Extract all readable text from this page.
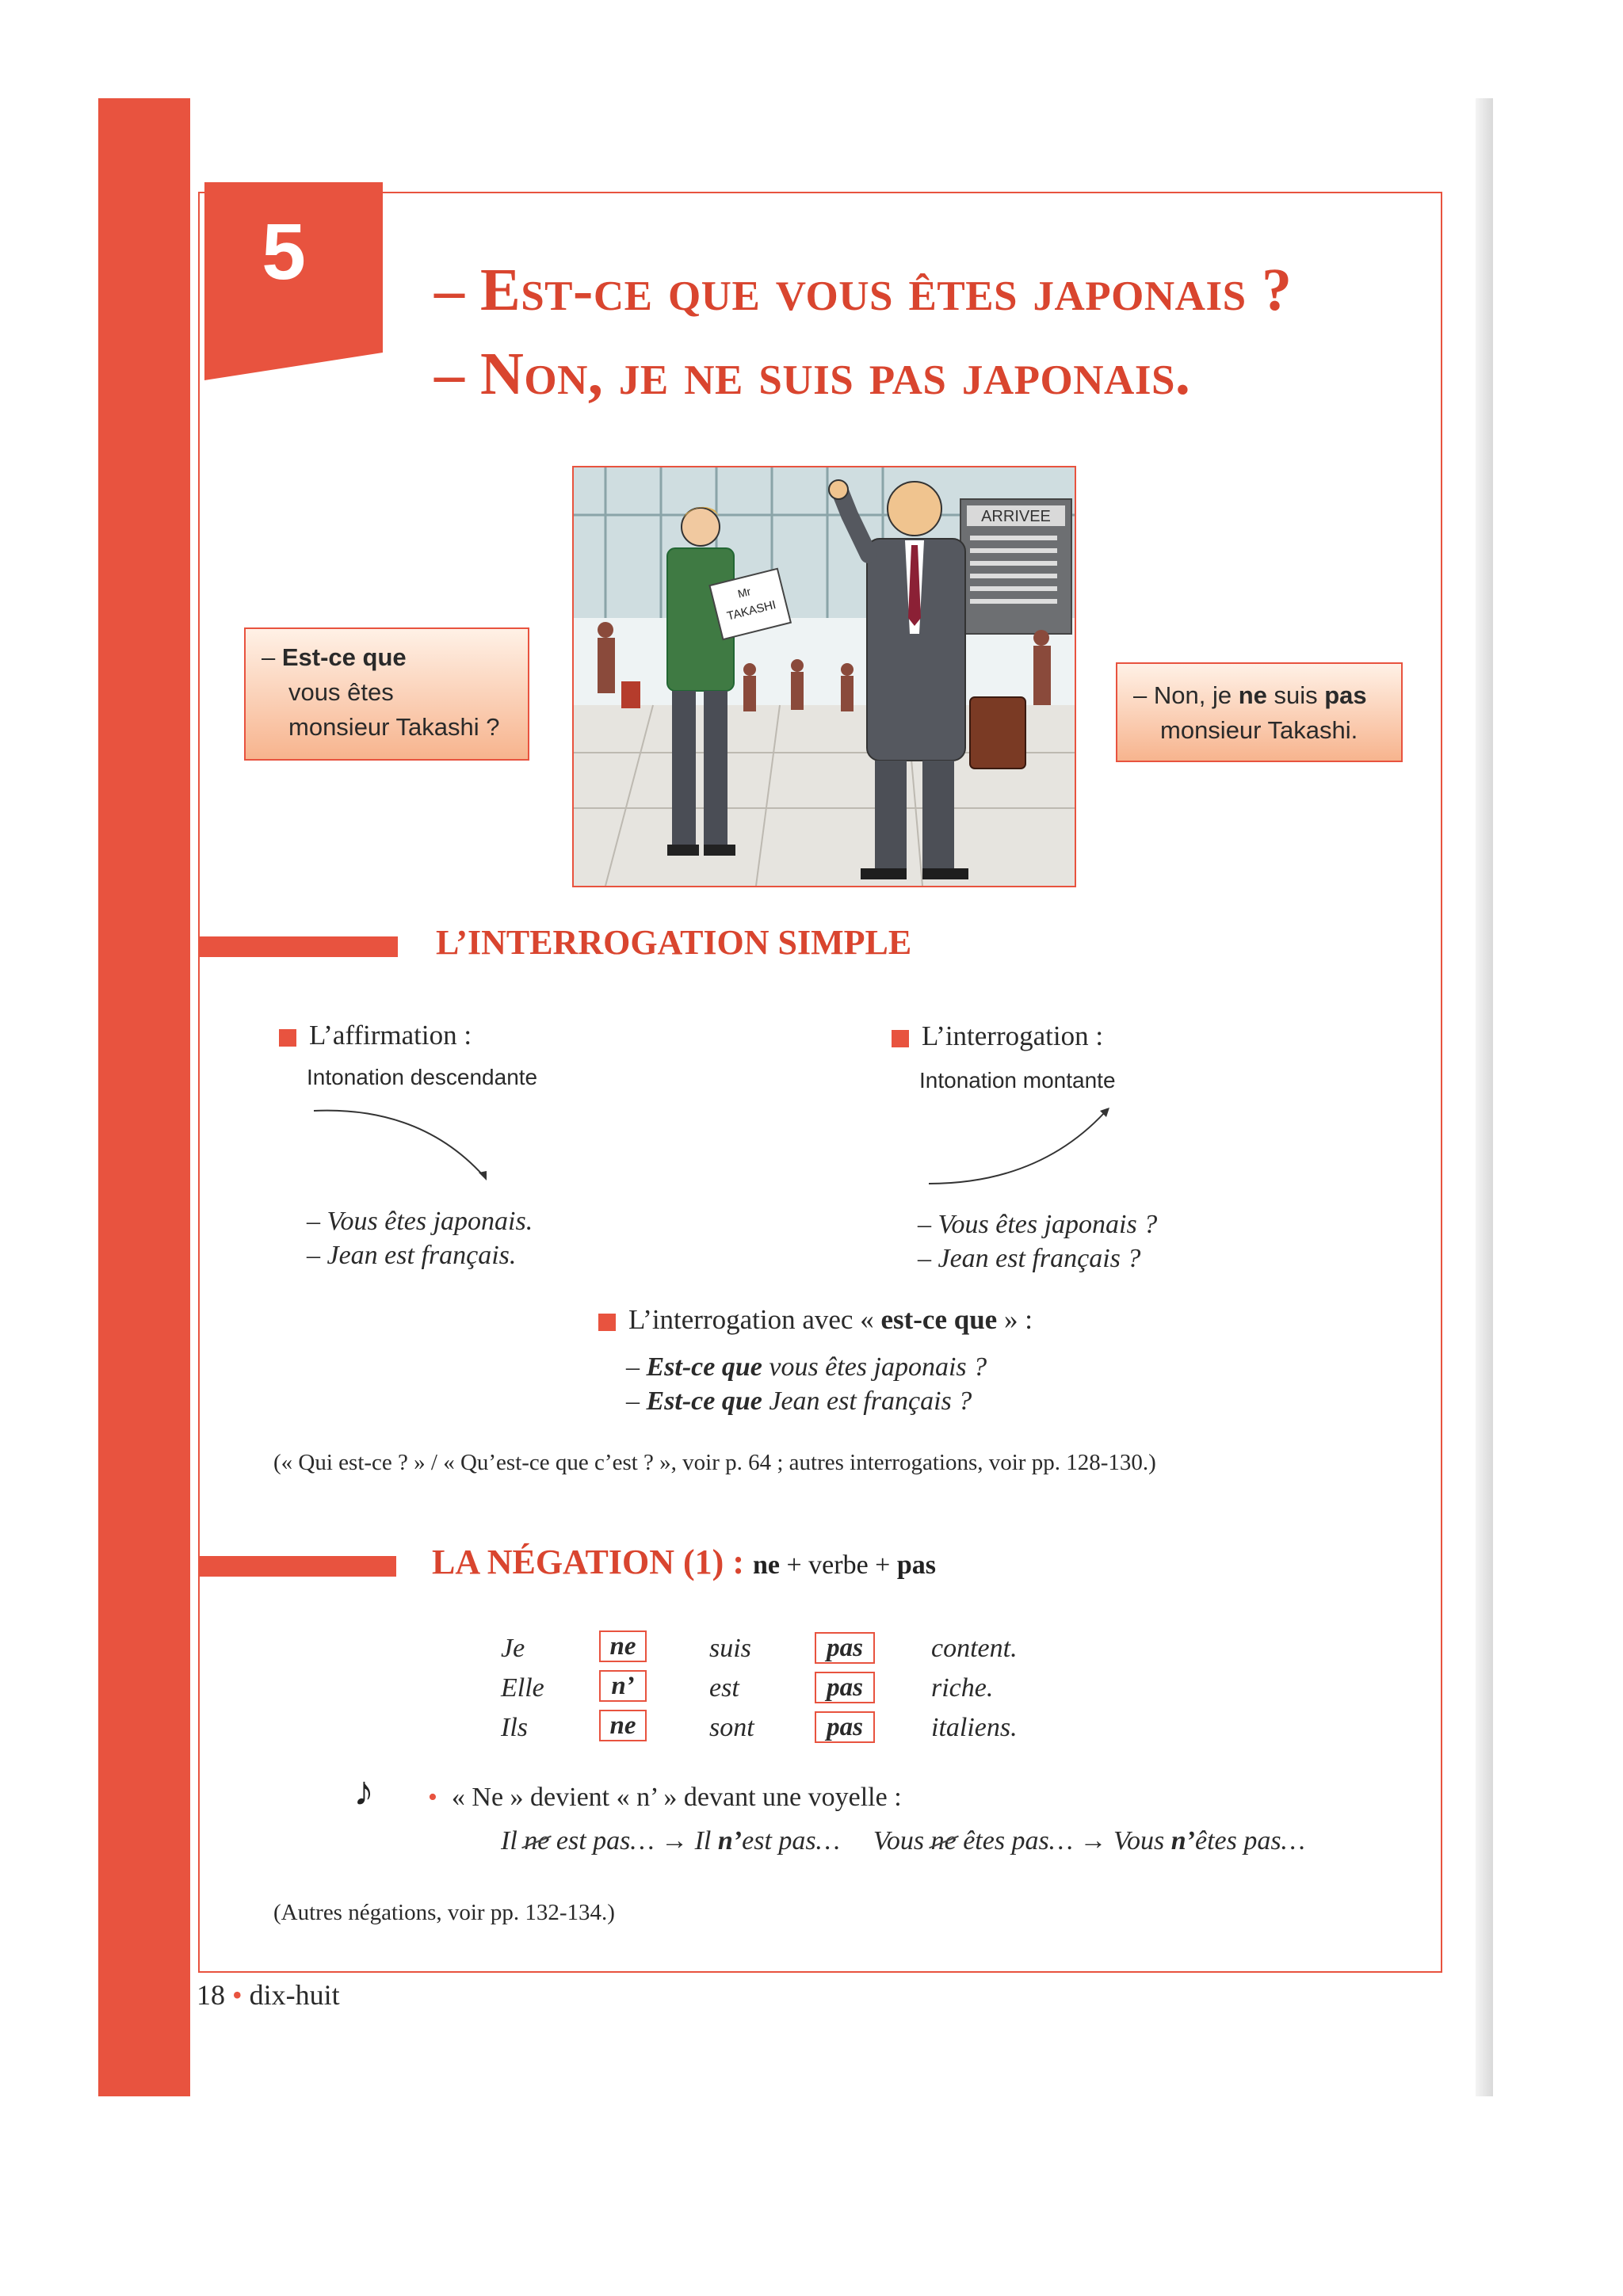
5	– Est-ce que vous êtes japonais ?
– Non, je ne suis pas japonais.
ARRIVEE
Mr
TAKASHI
– Est-ce que
vous êtes
monsieur Takashi ?
– Non, je ne suis pas
monsieur Takashi.
L’INTERROGATION SIMPLE
L’affirmation :
Intonation descendante
– Vous êtes japonais.
– Jean est français.
L’interrogation :
Intonation montante
– Vous êtes japonais ?
– Jean est français ?
L’interrogation avec « est-ce que » :
– Est-ce que vous êtes japonais ?
– Est-ce que Jean est français ?
(« Qui est-ce ? » / « Qu’est-ce que c’est ? », voir p. 64 ; autres interrogations, voir pp. 128-130.)
LA NÉGATION (1) : ne + verbe + pas
Je	ne	suis	pas	content.
Elle	n’	est	pas	riche.
Ils	ne	sont	pas	italiens.
♪ • « Ne » devient « n’ » devant une voyelle :
Il ne est pas… → Il n’est pas… Vous ne êtes pas… → Vous n’êtes pas…
(Autres négations, voir pp. 132-134.)
18 • dix-huit
